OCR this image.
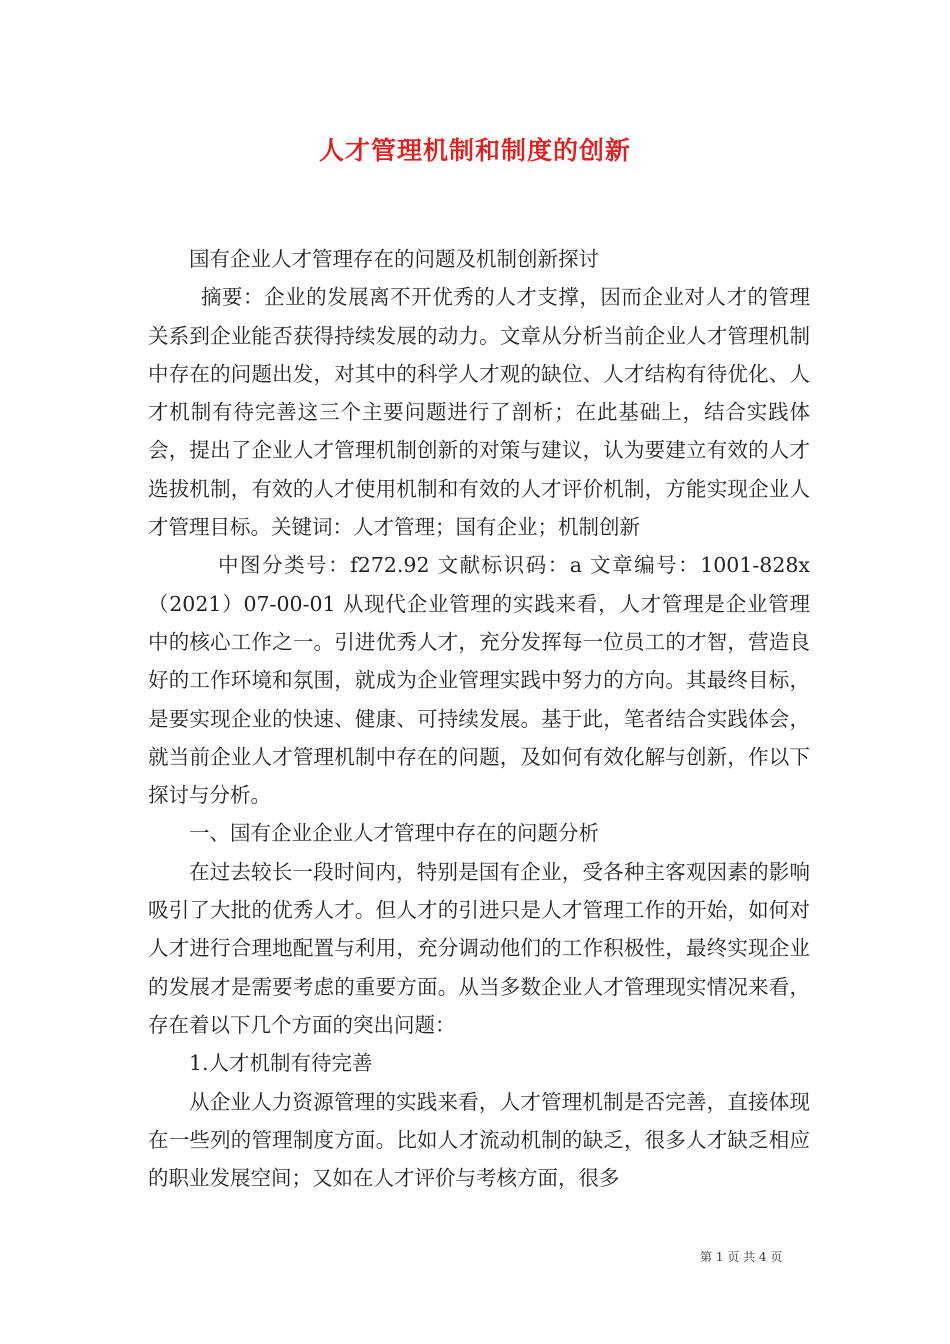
人才管理机制和制度的创新

国有企业人才管理存在的问题及机制创新探讨

摘要：企业的发展离不开优秀的人才支撑，因而企业对人才的管理关系到企业能否获得持续发展的动力。文章从分析当前企业人才管理机制中存在的问题出发，对其中的科学人才观的缺位、人才结构有待优化、人才机制有待完善这三个主要问题进行了剖析；在此基础上，结合实践体会，提出了企业人才管理机制创新的对策与建议，认为要建立有效的人才选拔机制，有效的人才使用机制和有效的人才评价机制，方能实现企业人才管理目标。关键词：人才管理；国有企业；机制创新

中图分类号：f272.92 文献标识码：a 文章编号：1001-828x（2021）07-00-01 从现代企业管理的实践来看，人才管理是企业管理中的核心工作之一。引进优秀人才，充分发挥每一位员工的才智，营造良好的工作环境和氛围，就成为企业管理实践中努力的方向。其最终目标，是要实现企业的快速、健康、可持续发展。基于此，笔者结合实践体会，就当前企业人才管理机制中存在的问题，及如何有效化解与创新，作以下探讨与分析。

一、国有企业企业人才管理中存在的问题分析

在过去较长一段时间内，特别是国有企业，受各种主客观因素的影响吸引了大批的优秀人才。但人才的引进只是人才管理工作的开始，如何对人才进行合理地配置与利用，充分调动他们的工作积极性，最终实现企业的发展才是需要考虑的重要方面。从当多数企业人才管理现实情况来看，存在着以下几个方面的突出问题：

1.人才机制有待完善

从企业人力资源管理的实践来看，人才管理机制是否完善，直接体现在一些列的管理制度方面。比如人才流动机制的缺乏，很多人才缺乏相应的职业发展空间；又如在人才评价与考核方面，很多

第 1 页 共 4 页
